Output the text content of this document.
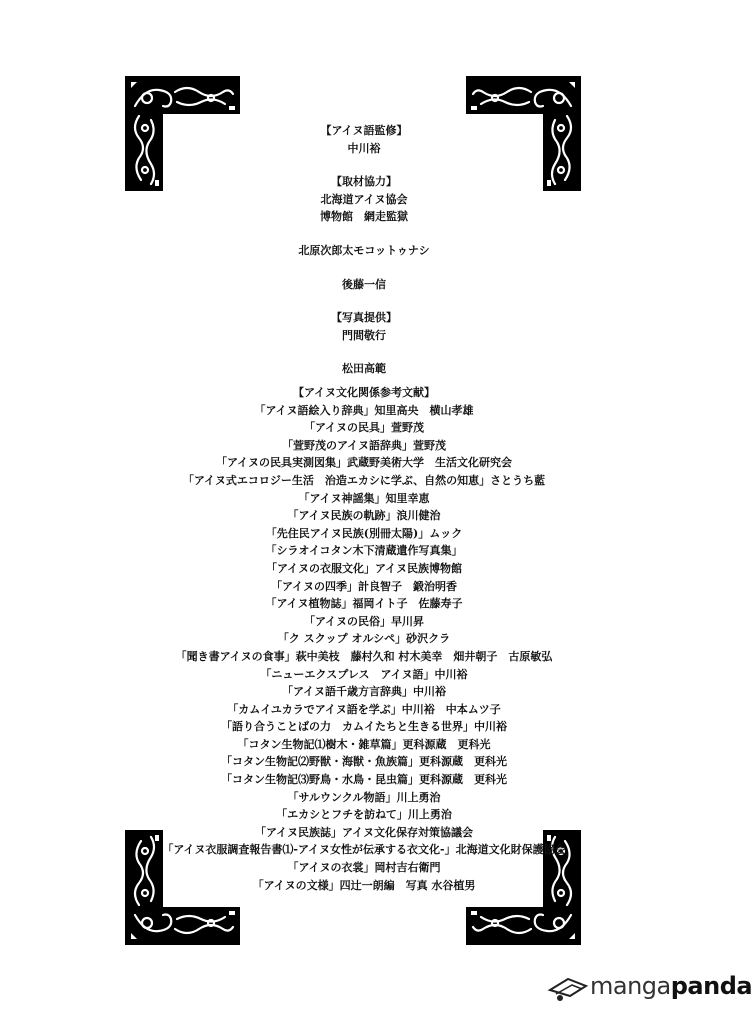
【アイヌ語監修】
中川裕
【取材協力】
北海道アイヌ協会
博物館　網走監獄
北原次郎太モコットゥナシ
後藤一信
【写真提供】
門間敬行
松田高範
【アイヌ文化関係参考文献】
「アイヌ語絵入り辞典」知里高央　横山孝雄
「アイヌの民具」萱野茂
「萱野茂のアイヌ語辞典」萱野茂
「アイヌの民具実測図集」武蔵野美術大学　生活文化研究会
「アイヌ式エコロジー生活　治造エカシに学ぶ、自然の知恵」さとうち藍
「アイヌ神謡集」知里幸恵
「アイヌ民族の軌跡」浪川健治
「先住民アイヌ民族(別冊太陽)」ムック
「シラオイコタン木下清蔵遺作写真集」
「アイヌの衣服文化」アイヌ民族博物館
「アイヌの四季」計良智子　鍛治明香
「アイヌ植物誌」福岡イト子　佐藤寿子
「アイヌの民俗」早川昇
「ク スクップ オルシペ」砂沢クラ
「聞き書アイヌの食事」萩中美枝　藤村久和 村木美幸　畑井朝子　古原敏弘
「ニューエクスプレス　アイヌ語」中川裕
「アイヌ語千歳方言辞典」中川裕
「カムイユカラでアイヌ語を学ぶ」中川裕　中本ムツ子
「語り合うことばの力　カムイたちと生きる世界」中川裕
「コタン生物記⑴樹木・雑草篇」更科源蔵　更科光
「コタン生物記⑵野獣・海獣・魚族篇」更科源蔵　更科光
「コタン生物記⑶野鳥・水鳥・昆虫篇」更科源蔵　更科光
「サルウンクル物語」川上勇治
「エカシとフチを訪ねて」川上勇治
「アイヌ民族誌」アイヌ文化保存対策協議会
「アイヌ衣服調査報告書⑴-アイヌ女性が伝承する衣文化-」北海道文化財保護協会
「アイヌの衣裳」岡村吉右衛門
「アイヌの文様」四辻一朗編　写真 水谷植男
mangapanda
